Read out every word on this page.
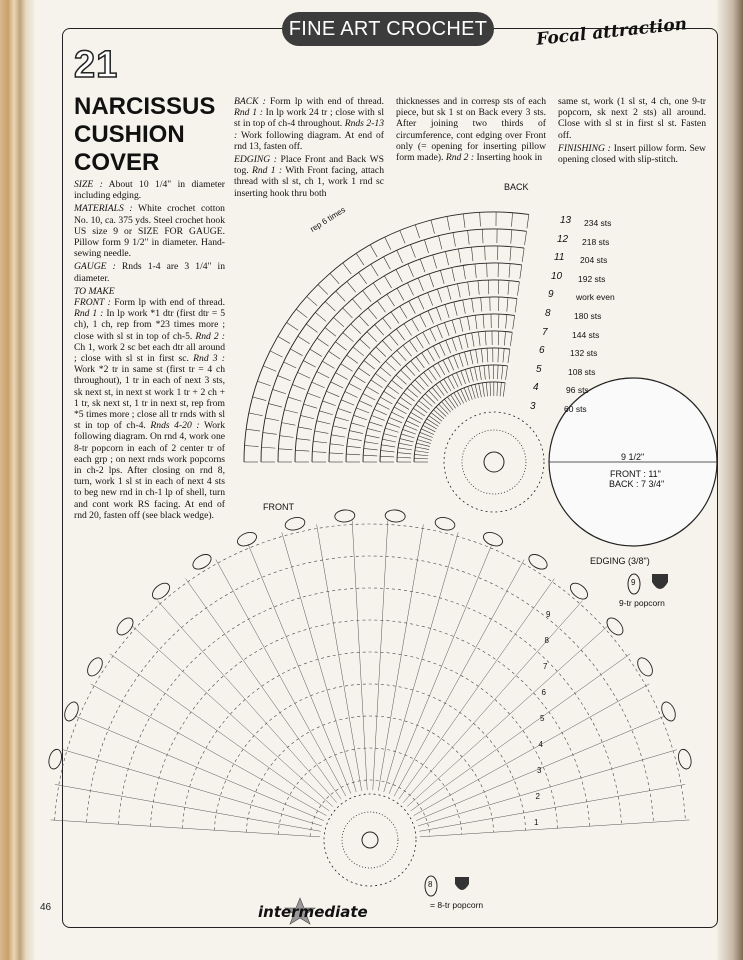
FINE ART CROCHET	Focal attraction
21
NARCISSUS
CUSHION
COVER

SIZE : About 10 1/4" in diameter including edging.

MATERIALS : White crochet cotton No. 10, ca. 375 yds. Steel crochet hook US size 9 or SIZE FOR GAUGE. Pillow form 9 1/2" in diameter. Hand-sewing needle.

GAUGE : Rnds 1-4 are 3 1/4" in diameter.

TO MAKE

FRONT : Form lp with end of thread. Rnd 1 : In lp work *1 dtr (first dtr = 5 ch), 1 ch, rep from *23 times more ; close with sl st in top of ch-5. Rnd 2 : Ch 1, work 2 sc bet each dtr all around ; close with sl st in first sc. Rnd 3 : Work *2 tr in same st (first tr = 4 ch throughout), 1 tr in each of next 3 sts, sk next st, in next st work 1 tr + 2 ch + 1 tr, sk next st, 1 tr in next st, rep from *5 times more ; close all tr rnds with sl st in top of ch-4. Rnds 4-20 : Work following diagram. On rnd 4, work one 8-tr popcorn in each of 2 center tr of each grp ; on next rnds work popcorns in ch-2 lps. After closing on rnd 8, turn, work 1 sl st in each of next 4 sts to beg new rnd in ch-1 lp of shell, turn and cont work RS facing. At end of rnd 20, fasten off (see black wedge).

BACK : Form lp with end of thread. Rnd 1 : In lp work 24 tr ; close with sl st in top of ch-4 throughout. Rnds 2-13 : Work following diagram. At end of rnd 13, fasten off.

EDGING : Place Front and Back WS tog. Rnd 1 : With Front facing, attach thread with sl st, ch 1, work 1 rnd sc inserting hook thru both

thicknesses and in corresp sts of each piece, but sk 1 st on Back every 3 sts. After joining two thirds of circumference, cont edging over Front only (= opening for inserting pillow form made). Rnd 2 : Inserting hook in

same st, work (1 sl st, 4 ch, one 9-tr popcorn, sk next 2 sts) all around. Close with sl st in first sl st. Fasten off.

FINISHING : Insert pillow form. Sew opening closed with slip-stitch.

BACK
rep 6 times	13 234 sts
12 218 sts
11 204 sts
10 192 sts
9	work even
8	180 sts
7	144 sts
6	132 sts
5	108 sts
4	96 sts
3	60 sts
9 1/2"
FRONT : 11"
BACK : 7 3/4"
FRONT
EDGING (3/8")
9
9-tr popcorn
8
= 8-tr popcorn
1
2
3
4
5
6
7
8
9
46	intermediate
